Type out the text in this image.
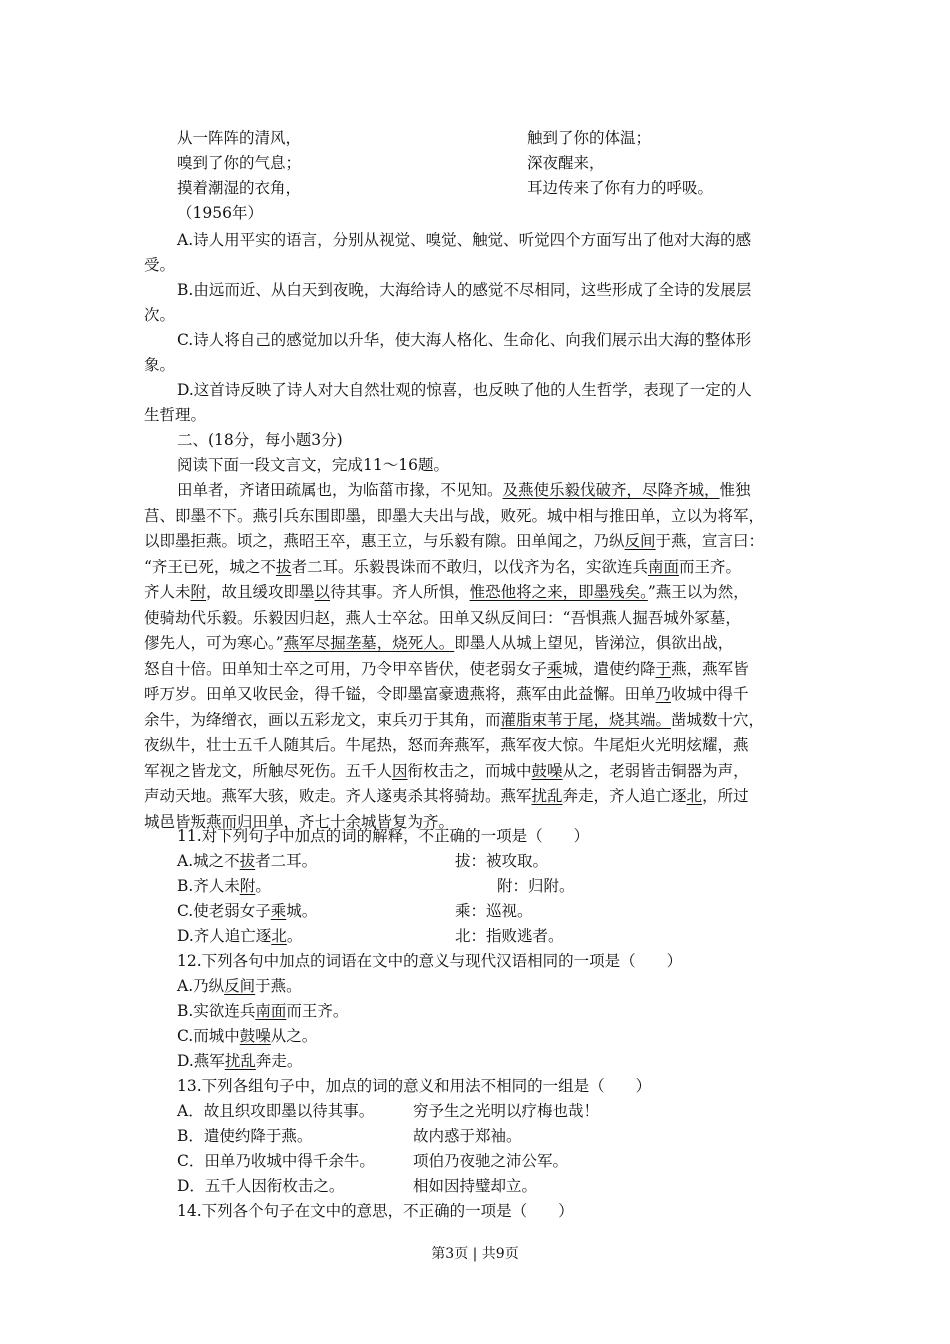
从一阵阵的清风，	触到了你的体温；
嗅到了你的气息；	深夜醒来，
摸着潮湿的衣角，	耳边传来了你有力的呼吸。
（1956年）
A.诗人用平实的语言，分别从视觉、嗅觉、触觉、听觉四个方面写出了他对大海的感
受。
B.由远而近、从白天到夜晚，大海给诗人的感觉不尽相同，这些形成了全诗的发展层
次。
C.诗人将自己的感觉加以升华，使大海人格化、生命化、向我们展示出大海的整体形
象。
D.这首诗反映了诗人对大自然壮观的惊喜，也反映了他的人生哲学，表现了一定的人
生哲理。
二、(18分，每小题3分)
阅读下面一段文言文，完成11～16题。
田单者，齐诸田疏属也，为临菑市掾，不见知。及燕使乐毅伐破齐，尽降齐城，惟独
莒、即墨不下。燕引兵东围即墨，即墨大夫出与战，败死。城中相与推田单，立以为将军，
以即墨拒燕。顷之，燕昭王卒，惠王立，与乐毅有隙。田单闻之，乃纵反间于燕，宣言曰：
“齐王已死，城之不拔者二耳。乐毅畏诛而不敢归，以伐齐为名，实欲连兵南面而王齐。
齐人未附，故且缓攻即墨以待其事。齐人所惧，惟恐他将之来，即墨残矣。”燕王以为然，
使骑劫代乐毅。乐毅因归赵，燕人士卒忿。田单又纵反间曰：“吾惧燕人掘吾城外冢墓，
僇先人，可为寒心。”燕军尽掘垄墓，烧死人。即墨人从城上望见，皆涕泣，俱欲出战，
怒自十倍。田单知士卒之可用，乃令甲卒皆伏，使老弱女子乘城，遣使约降于燕，燕军皆
呼万岁。田单又收民金，得千镒，令即墨富豪遗燕将，燕军由此益懈。田单乃收城中得千
余牛，为绛缯衣，画以五彩龙文，束兵刃于其角，而灌脂束苇于尾，烧其端。凿城数十穴，
夜纵牛，壮士五千人随其后。牛尾热，怒而奔燕军，燕军夜大惊。牛尾炬火光明炫耀，燕
军视之皆龙文，所触尽死伤。五千人因衔枚击之，而城中鼓噪从之，老弱皆击铜器为声，
声动天地。燕军大骇，败走。齐人遂夷杀其将骑劫。燕军扰乱奔走，齐人追亡逐北，所过
城邑皆叛燕而归田单，齐七十余城皆复为齐。
11.对下列句子中加点的词的解释，不正确的一项是（　　）
A.城之不拔者二耳。	拔：被攻取。
B.齐人未附。	附：归附。
C.使老弱女子乘城。	乘：巡视。
D.齐人追亡逐北。	北：指败逃者。
12.下列各句中加点的词语在文中的意义与现代汉语相同的一项是（　　）
A.乃纵反间于燕。
B.实欲连兵南面而王齐。
C.而城中鼓噪从之。
D.燕军扰乱奔走。
13.下列各组句子中，加点的词的意义和用法不相同的一组是（　　）
A．故且织攻即墨以待其事。	穷予生之光明以疗梅也哉！
B．遣使约降于燕。	故内惑于郑袖。
C．田单乃收城中得千余牛。 项伯乃夜驰之沛公军。
D．五千人因衔枚击之。	相如因持璧却立。
14.下列各个句子在文中的意思，不正确的一项是（　　）
第3页 | 共9页
